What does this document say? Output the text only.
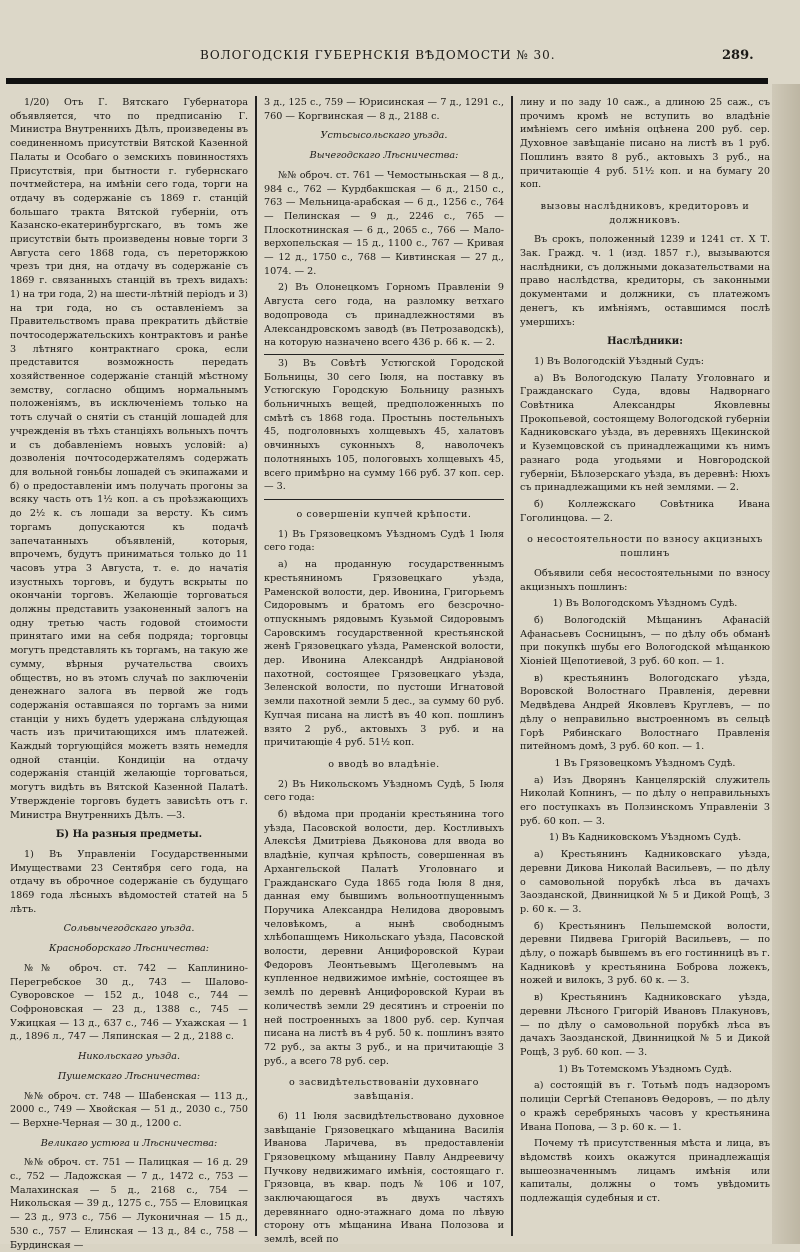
ВОЛОГОДСКІЯ ГУБЕРНСКІЯ ВѢДОМОСТИ № 30.	289.

1/20) Отъ Г. Вятскаго Губернатора объявляется, что по предписанію Г. Министра Внутреннихъ Дѣлъ, произведены въ соединенномъ присутствіи Вятской Казенной Палаты и Особаго о земскихъ повинностяхъ Присутствія, при бытности г. губернскаго почтмейстера, на имѣніи сего года, торги на отдачу въ содержаніе съ 1869 г. станцій большаго тракта Вятской губерніи, отъ Казанско-екатеринбургскаго, въ томъ же присутствіи быть произведены новые торги 3 Августа сего 1868 года, съ переторжкою чрезъ три дня, на отдачу въ содержаніе съ 1869 г. связанныхъ станцій въ трехъ видахъ: 1) на три года, 2) на шести-лѣтній періодъ и 3) на три года, но съ оставленіемъ за Правительствомъ права прекратить дѣйствіе почтосодержательскихъ контрактовъ и ранѣе 3 лѣтняго контрактнаго срока, если представится возможность передать хозяйственное содержаніе станцій мѣстному земству, согласно общимъ нормальнымъ положеніямъ, въ исключеніемъ только на тотъ случай о снятіи съ станцій лошадей для учрежденія въ тѣхъ станціяхъ вольныхъ почтъ и съ добавленіемъ новыхъ условій: а) дозволенія почтосодержателямъ содержать для вольной гоньбы лошадей съ экипажами и б) о предоставленіи имъ получать прогоны за всяку часть отъ 1½ коп. а съ проѣзжающихъ до 2½ к. съ лошади за версту. Къ симъ торгамъ допускаются къ подачѣ запечатанныхъ объявленій, которыя, впрочемъ, будутъ приниматься только до 11 часовъ утра 3 Августа, т. е. до начатія изустныхъ торговъ, и будутъ вскрыты по окончаніи торговъ. Желающіе торговаться должны представить узаконенный залогъ на одну третью часть годовой стоимости принятаго ими на себя подряда; торговцы могутъ представлять къ торгамъ, на такую же сумму, вѣрныя ручательства своихъ обществъ, но въ этомъ случаѣ по заключеніи денежнаго залога въ первой же годъ содержанія оставшаяся по торгамъ за ними станціи у нихъ будетъ удержана слѣдующая часть изъ причитающихся имъ платежей. Каждый торгующійся можетъ взять немедля одной станціи. Кондиціи на отдачу содержанія станцій желающіе торговаться, могутъ видѣть въ Вятской Казенной Палатѣ. Утвержденіе торговъ будетъ зависѣть отъ г. Министра Внутреннихъ Дѣлъ. —3.

Б) На разныя предметы.

1) Въ Управленіи Государственными Имуществами 23 Сентября сего года, на отдачу въ оброчное содержаніе съ будущаго 1869 года лѣсныхъ вѣдомостей статей на 5 лѣтъ.

Сольвычегодскаго уѣзда.
Красноборскаго Лѣсничества:

№№ оброч. ст. 742 — Каплинино-Перегребское 30 д., 743 — Шалово-Суворовское — 152 д., 1048 с., 744 — Софроновская — 23 д., 1388 с., 745 — Ужицкая — 13 д., 637 с., 746 — Ухажская — 1 д., 1896 л., 747 — Ляпинская — 2 д., 2188 с.

Никольскаго уѣзда.
Пушемскаго Лѣсничества:

№№ оброч. ст. 748 — Шабенская — 113 д., 2000 с., 749 — Хвойская — 51 д., 2030 с., 750 — Верхне-Черная — 30 д., 1200 с.

Великаго устюга и Лѣсничества:

№№ оброч. ст. 751 — Палицкая — 16 д. 29 с., 752 — Ладожская — 7 д., 1472 с., 753 — Малахинская — 5 д., 2168 с., 754 — Никольская — 39 д., 1275 с., 755 — Еловицкая — 23 д., 973 с., 756 — Луконичная — 15 д., 530 с., 757 — Елинская — 13 д., 84 с., 758 — Бурдинская —

3 д., 125 с., 759 — Юрисинская — 7 д., 1291 с., 760 — Коргвинская — 8 д., 2188 с.

Устьсысольскаго уѣзда.
Вычегодскаго Лѣсничества:

№№ оброч. ст. 761 — Чемостыньская — 8 д., 984 с., 762 — Курдбакшская — 6 д., 2150 с., 763 — Мельница-арабская — 6 д., 1256 с., 764 — Пелинская — 9 д., 2246 с., 765 — Плоскотнинская — 6 д., 2065 с., 766 — Мало-верхопельская — 15 д., 1100 с., 767 — Кривая — 12 д., 1750 с., 768 — Кивтинская — 27 д., 1074. — 2.

2) Въ Олонецкомъ Горномъ Правленіи 9 Августа сего года, на разломку ветхаго водопровода съ принадлежностями въ Александровскомъ заводѣ (въ Петрозаводскѣ), на которую назначено всего 436 р. 66 к. — 2.

3) Въ Совѣтѣ Устюгской Городской Больницы, 30 сего Іюля, на поставку въ Устюгскую Городскую Больницу разныхъ больничныхъ вещей, предположенныхъ по смѣтѣ съ 1868 года. Простынь постельныхъ 45, подголовныхъ холщевыхъ 45, халатовъ овчинныхъ суконныхъ 8, наволочекъ полотняныхъ 105, пологовыхъ холщевыхъ 45, всего примѣрно на сумму 166 руб. 37 коп. сер. — 3.

о совершеніи купчей крѣпости.

1) Въ Грязовецкомъ Уѣздномъ Судѣ 1 Іюля сего года:

а) на проданную государственнымъ крестьяниномъ Грязовецкаго уѣзда, Раменской волости, дер. Ивонина, Григорьемъ Сидоровымъ и братомъ его безсрочно-отпускнымъ рядовымъ Кузьмой Сидоровымъ Саровскимъ государственной крестьянской женѣ Грязовецкаго уѣзда, Раменской волости, дер. Ивонина Александрѣ Андріановой пахотной, состоящее Грязовецкаго уѣзда, Зеленской волости, по пустоши Игнатовой земли пахотной земли 5 дес., за сумму 60 руб. Купчая писана на листѣ въ 40 коп. пошлинъ взято 2 руб., актовыхъ 3 руб. и на причитающіе 4 руб. 51½ коп.

о вводѣ во владѣніе.

2) Въ Никольскомъ Уѣздномъ Судѣ, 5 Іюля сего года:

б) вѣдома при проданіи крестьянина того уѣзда, Пасовской волости, дер. Костливыхъ Алексѣя Дмитріева Дьяконова для ввода во владѣніе, купчая крѣпость, совершенная въ Архангельской Палатѣ Уголовнаго и Гражданскаго Суда 1865 года Іюля 8 дня, данная ему бывшимъ вольноотпущеннымъ Поручика Александра Нелидова дворовымъ человѣкомъ, а нынѣ свободнымъ хлѣбопашцемъ Никольскаго уѣзда, Пасовской волости, деревни Анцифоровской Кураи Федоровъ Леонтьевымъ Щеголевымъ на купленное недвижимое имѣніе, состоящее въ землѣ по деревнѣ Анцифоровской Кураи въ количествѣ земли 29 десятинъ и строеніи по ней построенныхъ за 1800 руб. сер. Купчая писана на листѣ въ 4 руб. 50 к. пошлинъ взято 72 руб., за акты 3 руб., и на причитающіе 3 руб., а всего 78 руб. сер.

о засвидѣтельствованіи духовнаго завѣщанія.

6) 11 Іюля засвидѣтельствовано духовное завѣщаніе Грязовецкаго мѣщанина Василія Иванова Ларичева, въ предоставленіи Грязовецкому мѣщанину Павлу Андреевичу Пучкову недвижимаго имѣнія, состоящаго г. Грязовца, въ квар. подъ № 106 и 107, заключающагося въ двухъ частяхъ деревяннаго одно-этажнаго дома по лѣвую сторону отъ мѣщанина Ивана Полозова и землѣ, всей по

лину и по заду 10 саж., а длиною 25 саж., съ прочимъ кромѣ не вступить во владѣніе имѣніемъ сего имѣнія оцѣнена 200 руб. сер. Духовное завѣщаніе писано на листѣ въ 1 руб. Пошлинъ взято 8 руб., актовыхъ 3 руб., на причитающіе 4 руб. 51½ коп. и на бумагу 20 коп.

вызовы наслѣдниковъ, кредиторовъ и должниковъ.

Въ срокъ, положенный 1239 и 1241 ст. Х Т. Зак. Гражд. ч. 1 (изд. 1857 г.), вызываются наслѣдники, съ должными доказательствами на право наслѣдства, кредиторы, съ законными документами и должники, съ платежомъ денегъ, къ имѣніямъ, оставшимся послѣ умершихъ:

Наслѣдники:

1) Въ Вологодскій Уѣздный Судъ:

а) Въ Вологодскую Палату Уголовнаго и Гражданскаго Суда, вдовы Надворнаго Совѣтника Александры Яковлевны Прокопьевой, состоящему Вологодской губерніи Кадниковскаго уѣзда, въ деревняхъ Щекинской и Куземцовской съ принадлежащими къ нимъ разнаго рода угодьями и Новгородской губерніи, Бѣлозерскаго уѣзда, въ деревнѣ: Нюхъ съ принадлежащими къ ней землями. — 2.

б) Коллежскаго Совѣтника Ивана Гоголинцова. — 2.

о несостоятельности по взносу акцизныхъ пошлинъ

Объявили себя несостоятельными по взносу акцизныхъ пошлинъ:

1) Въ Вологодскомъ Уѣздномъ Судѣ.

б) Вологодскій Мѣщанинъ Афанасій Афанасьевъ Сосницынъ, — по дѣлу объ обманѣ при покупкѣ шубы его Вологодской мѣщанкою Хіонiей Щепотиевой, 3 руб. 60 коп. — 1.

в) крестьянинъ Вологодскаго уѣзда, Воровской Волостнаго Правленія, деревни Медвѣдева Андрей Яковлевъ Круглевъ, — по дѣлу о неправильно выстроенномъ въ сельцѣ Горѣ Рябинскаго Волостнаго Правленія питейномъ домѣ, 3 руб. 60 коп. — 1.

1 Въ Грязовецкомъ Уѣздномъ Судѣ.

а) Изъ Дворянъ Канцелярскій служитель Николай Копнинъ, — по дѣлу о неправильныхъ его поступкахъ въ Ползинскомъ Управленіи 3 руб. 60 коп. — 3.

1) Въ Кадниковскомъ Уѣздномъ Судѣ.

а) Крестьянинъ Кадниковскаго уѣзда, деревни Дикова Николай Васильевъ, — по дѣлу о самовольной порубкѣ лѣса въ дачахъ Заозданской, Двинницкой № 5 и Дикой Рощѣ, 3 р. 60 к. — 3.

б) Крестьянинъ Пельшемской волости, деревни Пидвева Григорій Васильевъ, — по дѣлу, о пожарѣ бывшемъ въ его гостинницѣ въ г. Кадниковѣ у крестьянина Боброва ложекъ, ножей и вилокъ, 3 руб. 60 к. — 3.

в) Крестьянинъ Кадниковскаго уѣзда, деревни Лѣсного Григорій Ивановъ Плакуновъ, — по дѣлу о самовольной порубкѣ лѣса въ дачахъ Заозданской, Двинницкой № 5 и Дикой Рощѣ, 3 руб. 60 коп. — 3.

1) Въ Тотемскомъ Уѣздномъ Судѣ.

а) состоящій въ г. Тотьмѣ подъ надзоромъ полиціи Сергѣй Степановъ Өедоровъ, — по дѣлу о кражѣ серебряныхъ часовъ у крестьянина Ивана Попова, — 3 р. 60 к. — 1.

Почему тѣ присутственныя мѣста и лица, въ вѣдомствѣ коихъ окажутся принадлежащія вышеозначеннымъ лицамъ имѣнія или капиталы, должны о томъ увѣдомить подлежащія судебныя и ст.
